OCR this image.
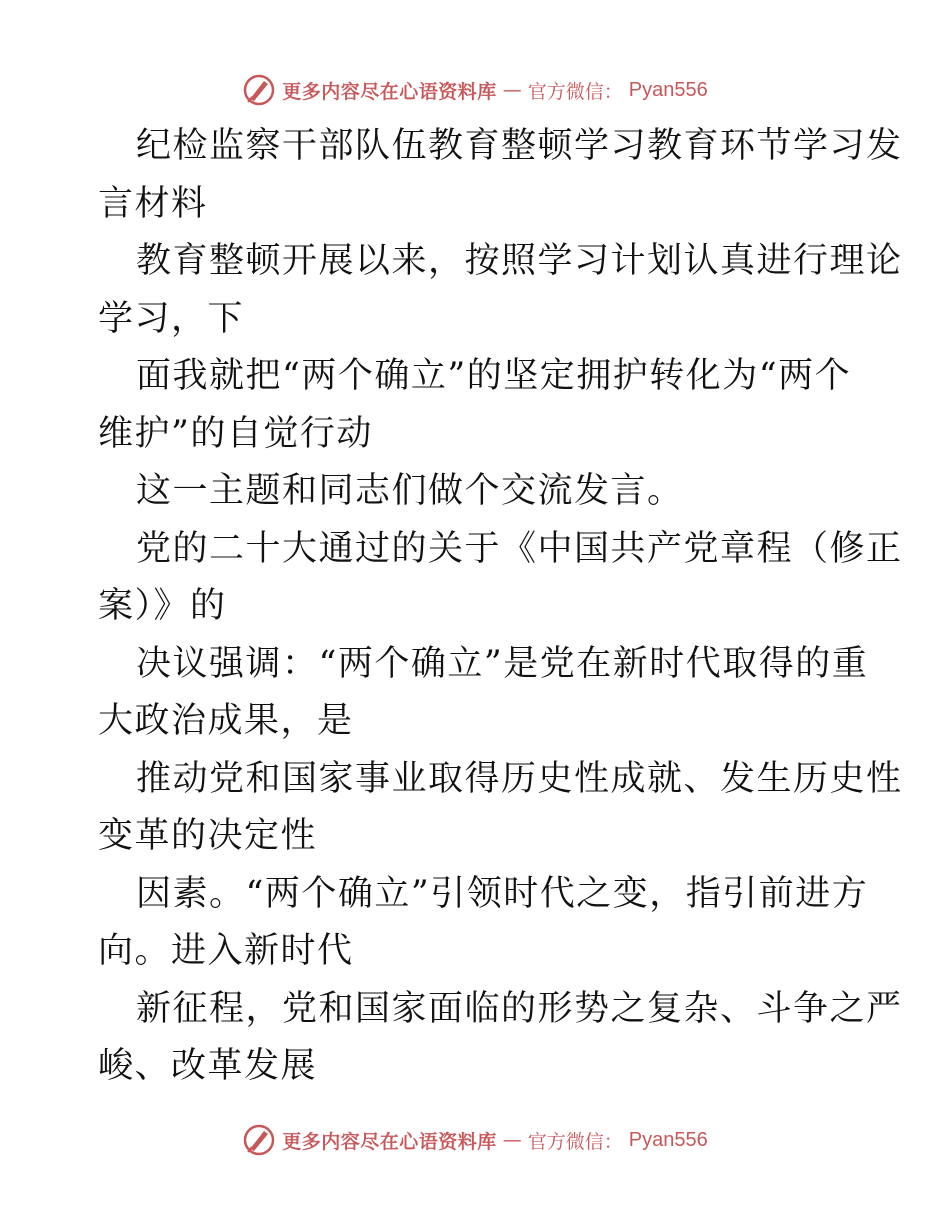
更多内容尽在心语资料库 — 官方微信： Pyan556
纪检监察干部队伍教育整顿学习教育环节学习发
言材料
教育整顿开展以来，按照学习计划认真进行理论
学习，下
面我就把“两个确立”的坚定拥护转化为“两个
维护”的自觉行动
这一主题和同志们做个交流发言。
党的二十大通过的关于《中国共产党章程（修正
案）》的
决议强调：“两个确立”是党在新时代取得的重
大政治成果，是
推动党和国家事业取得历史性成就、发生历史性
变革的决定性
因素。“两个确立”引领时代之变，指引前进方
向。进入新时代
新征程，党和国家面临的形势之复杂、斗争之严
峻、改革发展
更多内容尽在心语资料库 — 官方微信： Pyan556
